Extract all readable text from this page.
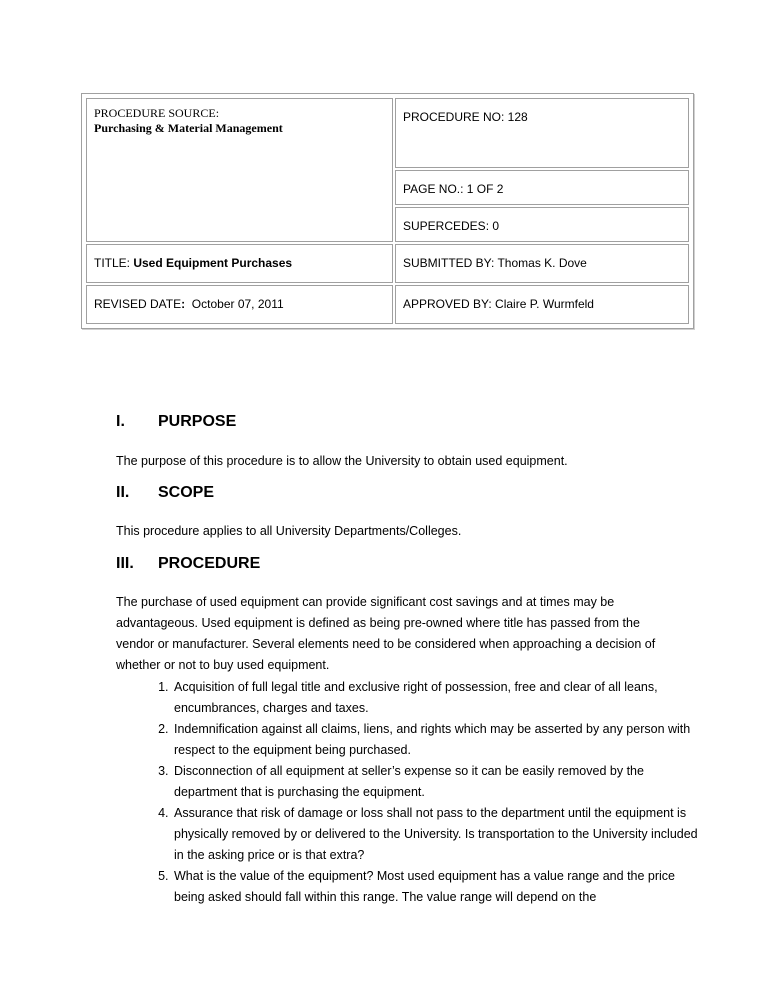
PROCEDURE SOURCE:
Purchasing & Material Management	PROCEDURE NO: 128
	PAGE NO.: 1 OF 2
	SUPERCEDES: 0
TITLE: Used Equipment Purchases	SUBMITTED BY: Thomas K. Dove
REVISED DATE:  October 07, 2011	APPROVED BY: Claire P. Wurmfeld
I. PURPOSE
The purpose of this procedure is to allow the University to obtain used equipment.
II. SCOPE
This procedure applies to all University Departments/Colleges.
III. PROCEDURE
The purchase of used equipment can provide significant cost savings and at times may be advantageous. Used equipment is defined as being pre-owned where title has passed from the vendor or manufacturer. Several elements need to be considered when approaching a decision of whether or not to buy used equipment.
1. Acquisition of full legal title and exclusive right of possession, free and clear of all leans, encumbrances, charges and taxes.
2. Indemnification against all claims, liens, and rights which may be asserted by any person with respect to the equipment being purchased.
3. Disconnection of all equipment at seller’s expense so it can be easily removed by the department that is purchasing the equipment.
4. Assurance that risk of damage or loss shall not pass to the department until the equipment is physically removed by or delivered to the University. Is transportation to the University included in the asking price or is that extra?
5. What is the value of the equipment? Most used equipment has a value range and the price being asked should fall within this range. The value range will depend on the
